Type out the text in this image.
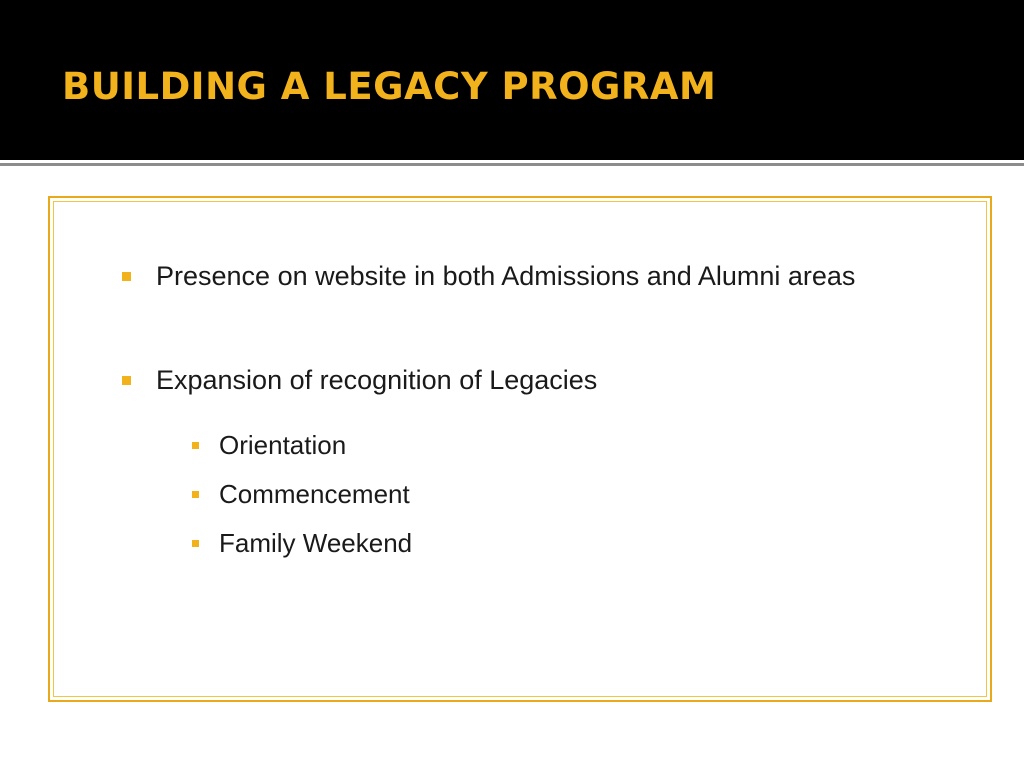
BUILDING A LEGACY PROGRAM
Presence on website in both Admissions and Alumni areas
Expansion of recognition of Legacies
Orientation
Commencement
Family Weekend
